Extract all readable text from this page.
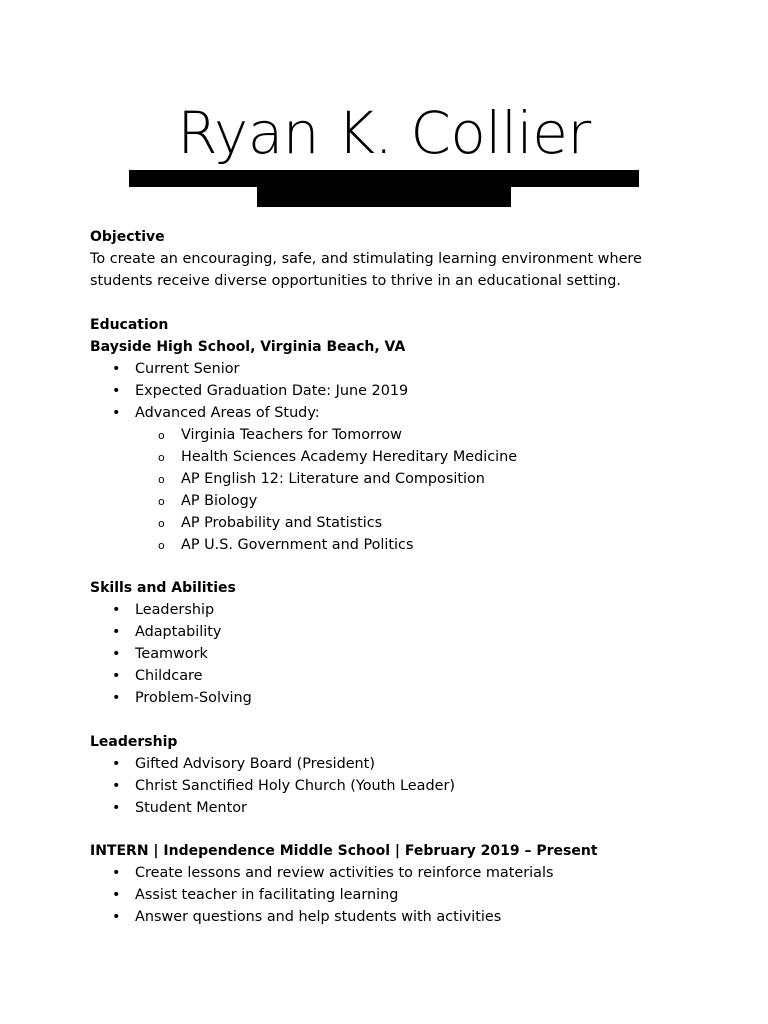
Ryan K. Collier
Objective
To create an encouraging, safe, and stimulating learning environment where
students receive diverse opportunities to thrive in an educational setting.
Education
Bayside High School, Virginia Beach, VA
• Current Senior
• Expected Graduation Date: June 2019
• Advanced Areas of Study:
o Virginia Teachers for Tomorrow
o Health Sciences Academy Hereditary Medicine
o AP English 12: Literature and Composition
o AP Biology
o AP Probability and Statistics
o AP U.S. Government and Politics
Skills and Abilities
• Leadership
• Adaptability
• Teamwork
• Childcare
• Problem-Solving
Leadership
• Gifted Advisory Board (President)
• Christ Sanctified Holy Church (Youth Leader)
• Student Mentor
INTERN | Independence Middle School | February 2019 – Present
• Create lessons and review activities to reinforce materials
• Assist teacher in facilitating learning
• Answer questions and help students with activities
